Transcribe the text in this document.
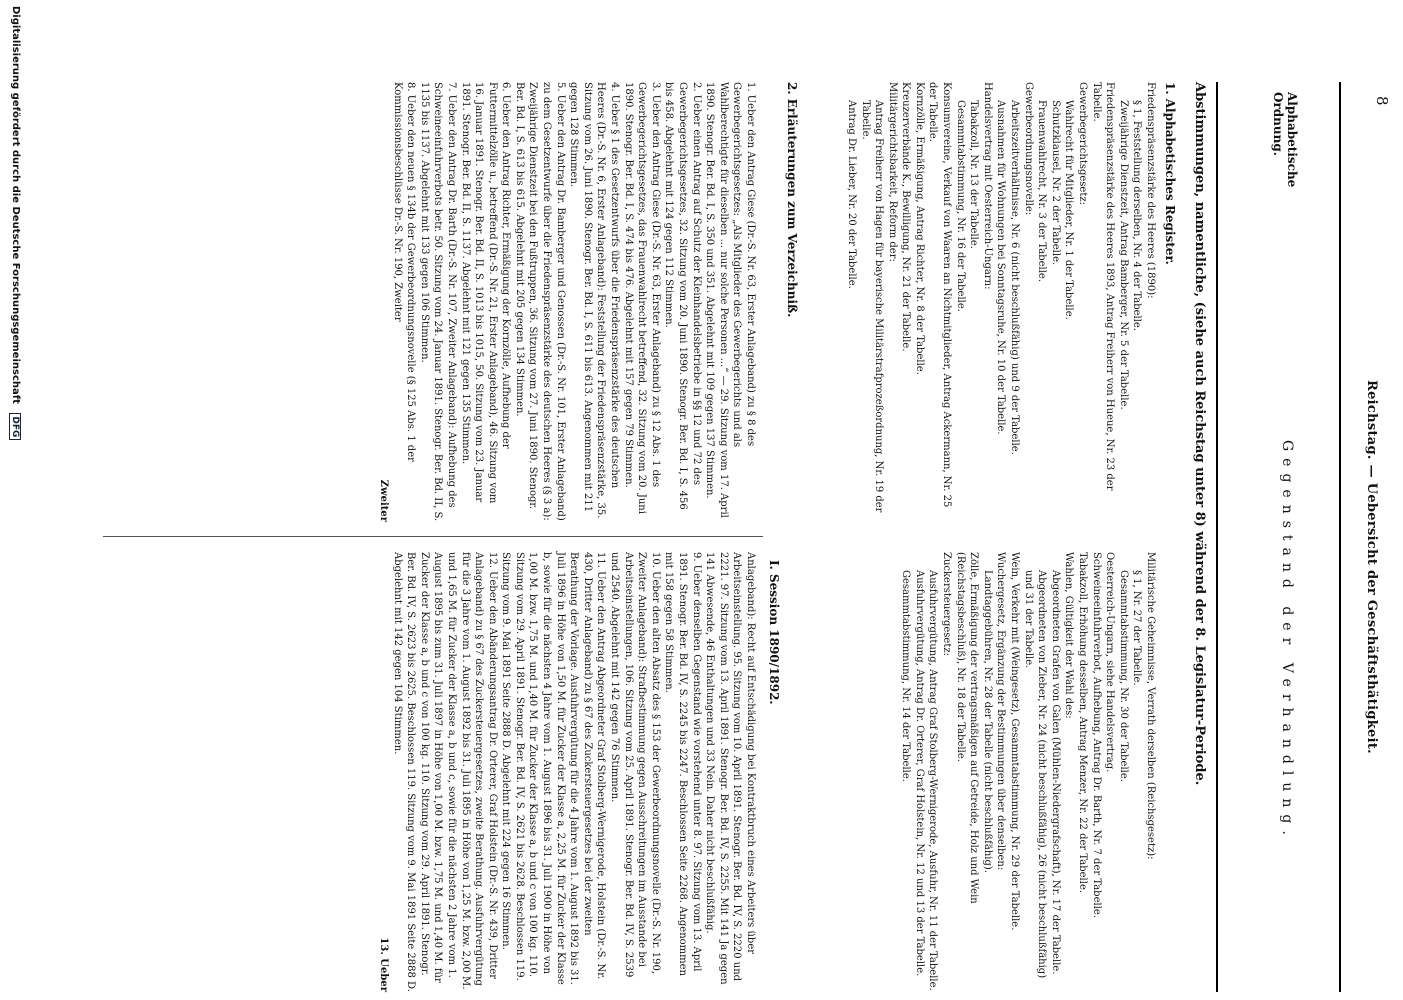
8
Reichstag. — Uebersicht der Geschäftsthätigkeit.
Alphabetische Ordnung.
Gegenstand der Verhandlung.
Abstimmungen, namentliche, (siehe auch Reichstag unter 8) während der 8. Legislatur-Periode.
1. Alphabetisches Register.

Friedenspräsenzstärke des Heeres (1890):

§ 1, Feststellung derselben, Nr. 4 der Tabelle.

Zweijährige Dienstzeit, Antrag Bamberger, Nr. 5 der Tabelle.

Friedenspräsenzstärke des Heeres 1893, Antrag Freiherr von Hueue, Nr. 23 der Tabelle.

Gewerbegerichtsgesetz:

Wahlrecht für Mitglieder, Nr. 1 der Tabelle.

Schutzklausel, Nr. 2 der Tabelle.

Frauenwahlrecht, Nr. 3 der Tabelle.

Gewerbeordnungsnovelle:

Arbeitszeitverhältnisse, Nr. 6 (nicht beschlußfähig) und 9 der Tabelle.

Ausnahmen für Wohnungen bei Sonntagsruhe, Nr. 10 der Tabelle.

Handelsvertrag mit Oesterreich-Ungarn:

Tabakzoll, Nr. 13 der Tabelle.

Gesammtabstimmung, Nr. 16 der Tabelle.

Konsumvereine, Verkauf von Waaren an Nichtmitglieder, Antrag Ackermann, Nr. 25 der Tabelle.

Kornzölle, Ermäßigung, Antrag Richter, Nr. 8 der Tabelle.

Kreuzerverbände K., Bewilligung, Nr. 21 der Tabelle.

Militärgerichtsbarkeit, Reform der:

Antrag Freiherr von Hagen für bayerische Militärstrafprozeßordnung, Nr. 19 der Tabelle.

Antrag Dr. Lieber, Nr. 20 der Tabelle.

Militärische Geheimnisse, Verrath derselben (Reichsgesetz):

§ 1, Nr. 27 der Tabelle.

Gesammtabstimmung, Nr. 30 der Tabelle.

Oesterreich-Ungarn, siehe Handelsvertrag.

Schweineeinfuhrverbot, Aufhebung, Antrag Dr. Barth, Nr. 7 der Tabelle.

Tabakzoll, Erhöhung desselben, Antrag Menzer, Nr. 22 der Tabelle.

Wahlen, Gültigkeit der Wahl des:

Abgeordneten Grafen von Galen (Mühlen-Niedergrafschaft), Nr. 17 der Tabelle.

Abgeordneten von Zieber, Nr. 24 (nicht beschlußfähig), 26 (nicht beschlußfähig) und 31 der Tabelle.

Wein, Verkehr mit (Weingesetz), Gesammtabstimmung, Nr. 29 der Tabelle.

Wuchergesetz, Ergänzung der Bestimmungen über denselben:

Landtaggebühren, Nr. 28 der Tabelle (nicht beschlußfähig).

Zölle, Ermäßigung der vertragsmäßigen auf Getreide, Holz und Wein (Reichstagsbeschluß), Nr. 18 der Tabelle.

Zuckersteuergesetz:

Ausfuhrvergütung, Antrag Graf Stolberg-Wernigerode, Ausfuhr, Nr. 11 der Tabelle.

Ausfuhrvergütung, Antrag Dr. Orterer, Graf Holstein, Nr. 12 und 13 der Tabelle.

Gesammtabstimmung, Nr. 14 der Tabelle.

2. Erläuterungen zum Verzeichniß.
I. Session 1890/1892.

1. Ueber den Antrag Giese (Dr.-S. Nr. 63, Erster Anlageband) zu § 8 des Gewerbegerichtsgesetzes: „Als Mitglieder des Gewerbegerichts und als Wahlberechtigte für dieselben ... nur solche Personen ...“ — 29. Sitzung vom 17. April 1890. Stenogr. Ber. Bd. I, S. 350 und 351. Abgelehnt mit 109 gegen 137 Stimmen.

2. Ueber einen Antrag auf Schutz der Kleinhandelsbetriebe in §§ 12 und 72 des Gewerbegerichtsgesetzes, 32. Sitzung vom 20. Juni 1890. Stenogr. Ber. Bd. I, S. 456 bis 458. Abgelehnt mit 124 gegen 112 Stimmen.

3. Ueber den Antrag Giese (Dr.-S. Nr. 63, Erster Anlageband) zu § 12 Abs. 1 des Gewerbegerichtsgesetzes, das Frauenwahlrecht betreffend, 32. Sitzung vom 20. Juni 1890. Stenogr. Ber. Bd. I, S. 474 bis 476. Abgelehnt mit 157 gegen 79 Stimmen.

4. Ueber § 1 des Gesetzentwurfs über die Friedenspräsenzstärke des deutschen Heeres (Dr.-S. Nr. 6, Erster Anlageband): Feststellung der Friedenspräsenzstärke, 35. Sitzung vom 26. Juni 1890. Stenogr. Ber. Bd. I, S. 611 bis 613. Angenommen mit 211 gegen 128 Stimmen.

5. Ueber den Antrag Dr. Bamberger und Genossen (Dr.-S. Nr. 101, Erster Anlageband) zu dem Gesetzentwurfe über die Friedenspräsenzstärke des deutschen Heeres (§ 3 a): Zweijährige Dienstzeit bei den Fußtruppen, 36. Sitzung vom 27. Juni 1890. Stenogr. Ber. Bd. I, S. 613 bis 615. Abgelehnt mit 205 gegen 134 Stimmen.

6. Ueber den Antrag Richter, Ermäßigung der Kornzölle, Aufhebung der Futtermittelzölle u., betreffend (Dr.-S. Nr. 21, Erster Anlageband), 46. Sitzung vom 16. Januar 1891. Stenogr. Ber. Bd. II, S. 1013 bis 1015, 50. Sitzung vom 23. Januar 1891. Stenogr. Ber. Bd. II, S. 1137. Abgelehnt mit 121 gegen 135 Stimmen.

7. Ueber den Antrag Dr. Barth (Dr.-S. Nr. 107, Zweiter Anlageband): Aufhebung des Schweineeinfuhrverbots betr. 50. Sitzung vom 24. Januar 1891. Stenogr. Ber. Bd. II, S. 1135 bis 1137. Abgelehnt mit 133 gegen 106 Stimmen.

8. Ueber den neuen § 134b der Gewerbeordnungsnovelle (§ 125 Abs. 1 der Kommissionsbeschlüsse Dr.-S. Nr. 190, Zweiter

Zweiter

Anlageband): Recht auf Entschädigung bei Kontraktbruch eines Arbeiters über Arbeitseinstellung. 95. Sitzung vom 10. April 1891. Stenogr. Ber. Bd. IV, S. 2220 und 2221. 97. Sitzung vom 13. April 1891. Stenogr. Ber. Bd. IV, S. 2255. Mit 141 Ja gegen 141 Abwesende, 46 Enthaltungen und 33 Nein. Daher nicht beschlußfähig.

9. Ueber denselben Gegenstand wie vorstehend unter 8. 97. Sitzung vom 13. April 1891. Stenogr. Ber. Bd. IV, S. 2245 bis 2247. Beschlossen Seite 2268. Angenommen mit 158 gegen 58 Stimmen.

10. Ueber den alten Absatz des § 153 der Gewerbeordnungsnovelle (Dr.-S. Nr. 190, Zweiter Anlageband): Strafbestimmung gegen Ausschreitungen im Ausstande bei Arbeitseinstellungen, 106. Sitzung vom 25. April 1891. Stenogr. Ber. Bd. IV, S. 2539 und 2540. Abgelehnt mit 142 gegen 76 Stimmen.

11. Ueber den Antrag Abgeordneter Graf Stolberg-Wernigerode, Holstein (Dr.-S. Nr. 430, Dritter Anlageband) zu § 67 des Zuckersteuergesetzes bei der zweiten Berathung der Vorlage. Ausfuhrvergütung für die 4 Jahre vom 1. August 1892 bis 31. Juli 1896 in Höhe von 1,50 M. für Zucker der Klasse a, 2,25 M. für Zucker der Klasse b, sowie für die nächsten 4 Jahre vom 1. August 1896 bis 31. Juli 1900 in Höhe von 1,00 M. bzw. 1,75 M. und 1,40 M. für Zucker der Klasse a, b und c von 100 kg. 110. Sitzung vom 29. April 1891. Stenogr. Ber. Bd. IV, S. 2621 bis 2628. Beschlossen 119. Sitzung vom 9. Mai 1891 Seite 2888 D. Abgelehnt mit 224 gegen 16 Stimmen.

12. Ueber den Abänderungsantrag Dr. Orterer, Graf Holstein (Dr.-S. Nr. 439, Dritter Anlageband) zu § 67 des Zuckersteuergesetzes, zweite Berathung. Ausfuhrvergütung für die 3 Jahre vom 1. August 1892 bis 31. Juli 1895 in Höhe von 1,25 M. bzw. 2,00 M. und 1,65 M. für Zucker der Klasse a, b und c, sowie für die nächsten 2 Jahre vom 1. August 1895 bis zum 31. Juli 1897 in Höhe von 1,00 M. bzw. 1,75 M. und 1,40 M. für Zucker der Klasse a, b und c von 100 kg. 110. Sitzung vom 29. April 1891. Stenogr. Ber. Bd. IV, S. 2623 bis 2625. Beschlossen 119. Sitzung vom 9. Mai 1891 Seite 2888 D. Abgelehnt mit 142 gegen 104 Stimmen.

13. Ueber

Digitalisierung gefördert durch die Deutsche Forschungsgemeinschaft DFG
